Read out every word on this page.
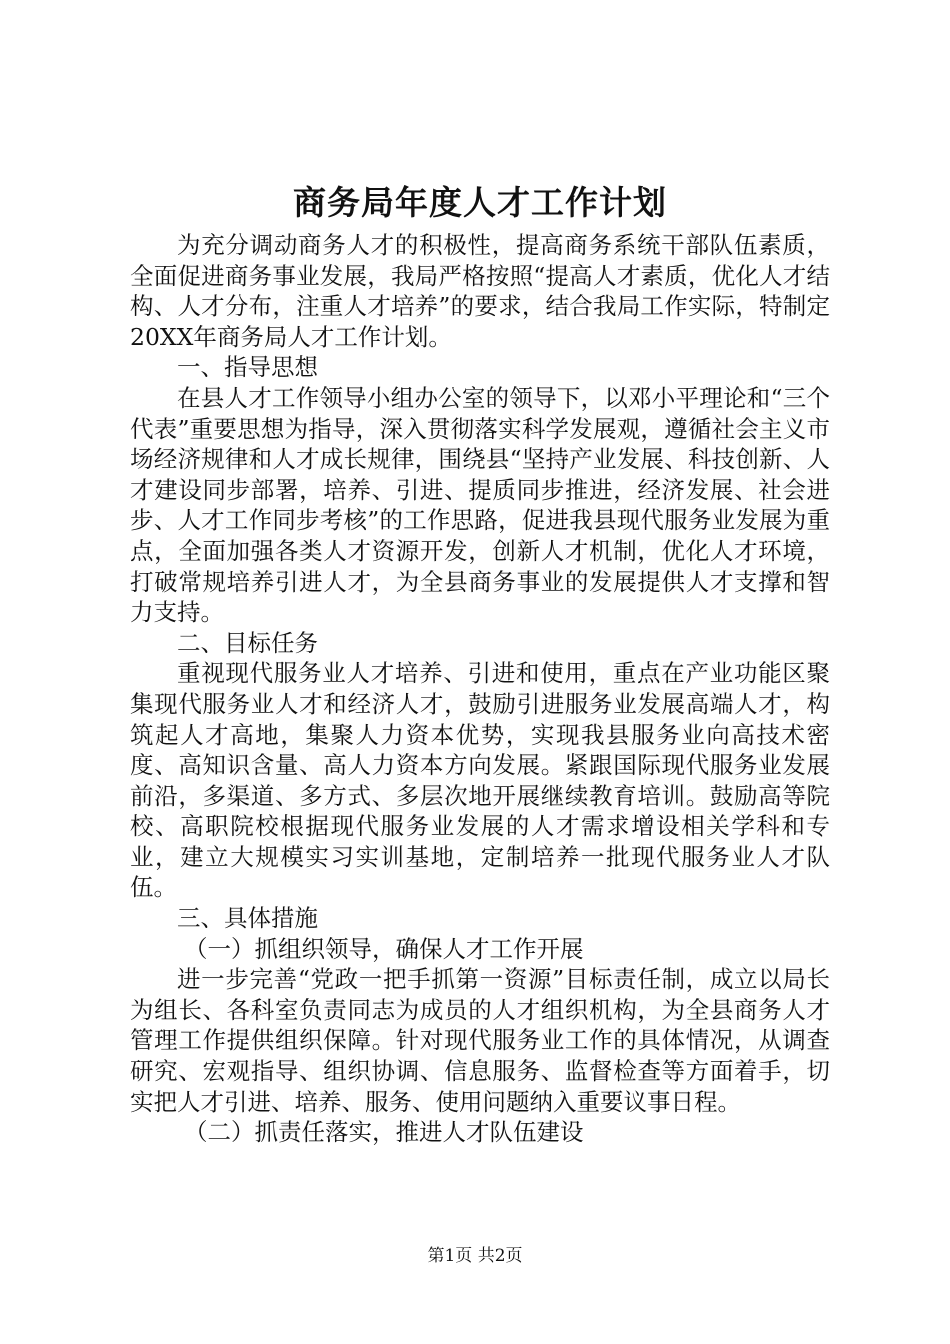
商务局年度人才工作计划

为充分调动商务人才的积极性，提高商务系统干部队伍素质，全面促进商务事业发展，我局严格按照“提高人才素质，优化人才结构、人才分布，注重人才培养”的要求，结合我局工作实际，特制定20XX年商务局人才工作计划。

一、指导思想

在县人才工作领导小组办公室的领导下，以邓小平理论和“三个代表”重要思想为指导，深入贯彻落实科学发展观，遵循社会主义市场经济规律和人才成长规律，围绕县“坚持产业发展、科技创新、人才建设同步部署，培养、引进、提质同步推进，经济发展、社会进步、人才工作同步考核”的工作思路，促进我县现代服务业发展为重点，全面加强各类人才资源开发，创新人才机制，优化人才环境，打破常规培养引进人才，为全县商务事业的发展提供人才支撑和智力支持。

二、目标任务

重视现代服务业人才培养、引进和使用，重点在产业功能区聚集现代服务业人才和经济人才，鼓励引进服务业发展高端人才，构筑起人才高地，集聚人力资本优势，实现我县服务业向高技术密度、高知识含量、高人力资本方向发展。紧跟国际现代服务业发展前沿，多渠道、多方式、多层次地开展继续教育培训。鼓励高等院校、高职院校根据现代服务业发展的人才需求增设相关学科和专业，建立大规模实习实训基地，定制培养一批现代服务业人才队伍。

三、具体措施

（一）抓组织领导，确保人才工作开展

进一步完善“党政一把手抓第一资源”目标责任制，成立以局长为组长、各科室负责同志为成员的人才组织机构，为全县商务人才管理工作提供组织保障。针对现代服务业工作的具体情况，从调查研究、宏观指导、组织协调、信息服务、监督检查等方面着手，切实把人才引进、培养、服务、使用问题纳入重要议事日程。

（二）抓责任落实，推进人才队伍建设

第1页 共2页
